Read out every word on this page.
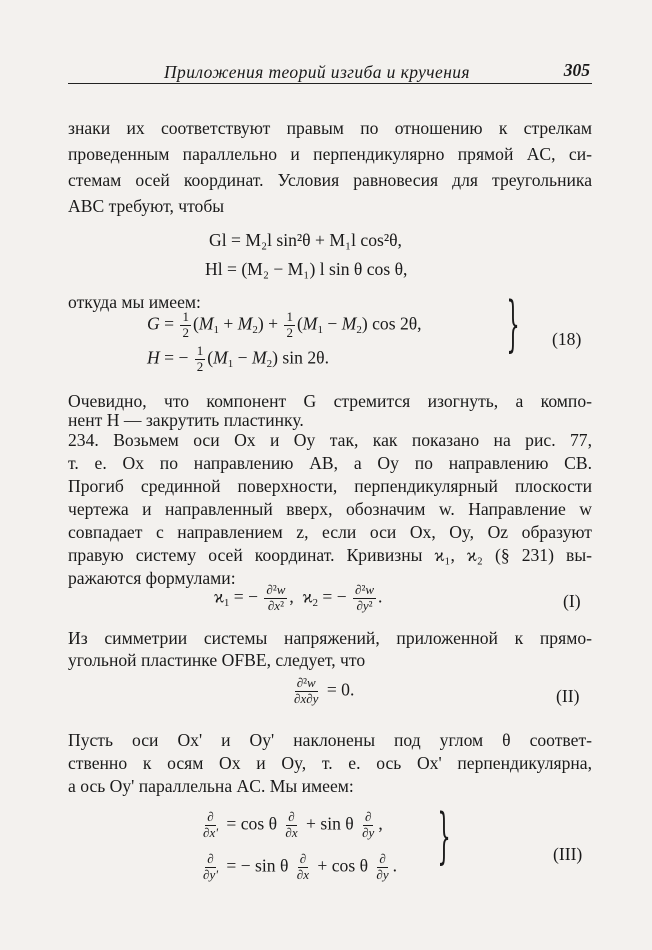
Приложения теорий изгиба и кручения	305
знаки их соответствуют правым по отношению к стрелкам
проведенным параллельно и перпендикулярно прямой AC, си-
стемам осей координат. Условия равновесия для треугольника
ABC требуют, чтобы
Gl = M₂l sin²θ + M₁l cos²θ,
Hl = (M₂ − M₁) l sin θ cos θ,
откуда мы имеем:
$G = \frac{1}{2} (M_1 + M_2) + \frac{1}{2} (M_1 - M_2)$ cos 2θ,
H = − $\frac{1}{2} (M_1 - M_2)$ sin 2θ.	} (18)
Очевидно, что компонент G стремится изогнуть, а компо-
нент H — закрутить пластинку.
234. Возьмем оси Ox и Oy так, как показано на рис. 77,
т. е. Ox по направлению AB, а Oy по направлению CB.
Прогиб срединной поверхности, перпендикулярный плоскости
чертежа и направленный вверх, обозначим w. Направление w
совпадает с направлением z, если оси Ox, Oy, Oz образуют
правую систему осей координат. Кривизны ϰ₁, ϰ₂ (§ 231) вы-
ражаются формулами:
$ϰ_1$ = − $\frac{\text{∂²w}}{\text{∂x²}}$ ,  $ϰ_2$ = − $\frac{\text{∂²w}}{\text{∂y²}}$ .	(I)
Из симметрии системы напряжений, приложенной к прямо-
угольной пластинке OFBE, следует, что
$\frac{\text{∂²w}}{\partial x\partial y} = 0$.	(II)
Пусть оси Ox' и Oy' наклонены под углом θ соответ-
ственно к осям Ox и Oy, т. е. ось Ox' перпендикулярна,
а ось Oy' параллельна AC. Мы имеем:
$\frac{\partial}{\partial x'} = \cos \theta \frac{\partial}{\partial x} + \sin \theta \frac{\partial}{\partial y}$ ,
$\frac{\partial}{\partial y'}$ = − sin θ $\frac{\partial}{\partial x} + \cos \theta \frac{\partial}{\partial y}$ . }	(III)
